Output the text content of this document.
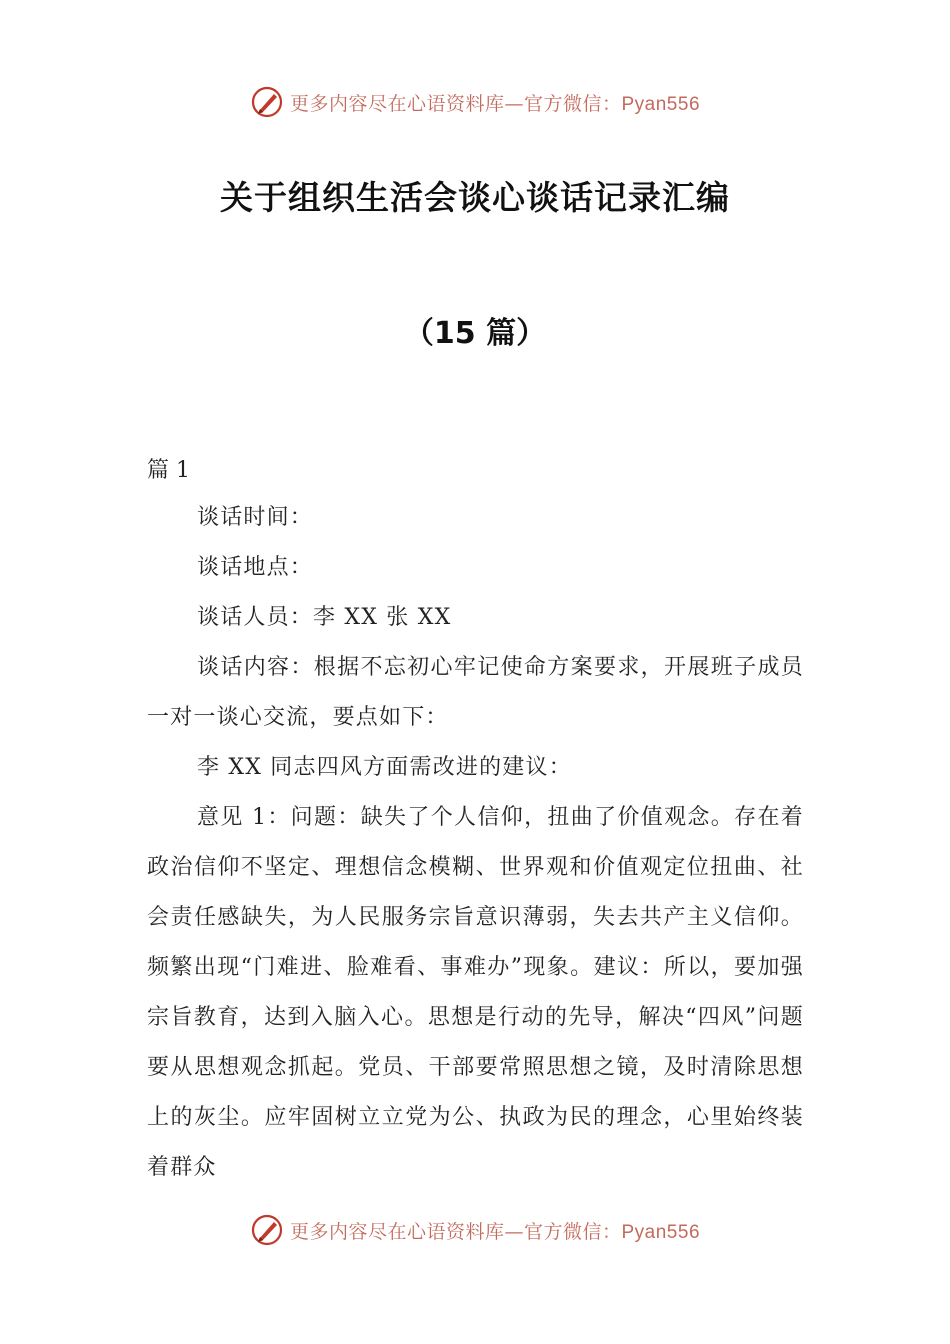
更多内容尽在心语资料库—官方微信：Pyan556
关于组织生活会谈心谈话记录汇编
（15 篇）
篇 1

谈话时间：

谈话地点：

谈话人员：李 XX 张 XX

谈话内容：根据不忘初心牢记使命方案要求，开展班子成员一对一谈心交流，要点如下：

李 XX 同志四风方面需改进的建议：

意见 1：问题：缺失了个人信仰，扭曲了价值观念。存在着政治信仰不坚定、理想信念模糊、世界观和价值观定位扭曲、社会责任感缺失，为人民服务宗旨意识薄弱，失去共产主义信仰。频繁出现“门难进、脸难看、事难办”现象。建议：所以，要加强宗旨教育，达到入脑入心。思想是行动的先导，解决“四风”问题要从思想观念抓起。党员、干部要常照思想之镜，及时清除思想上的灰尘。应牢固树立立党为公、执政为民的理念，心里始终装着群众

更多内容尽在心语资料库—官方微信：Pyan556
